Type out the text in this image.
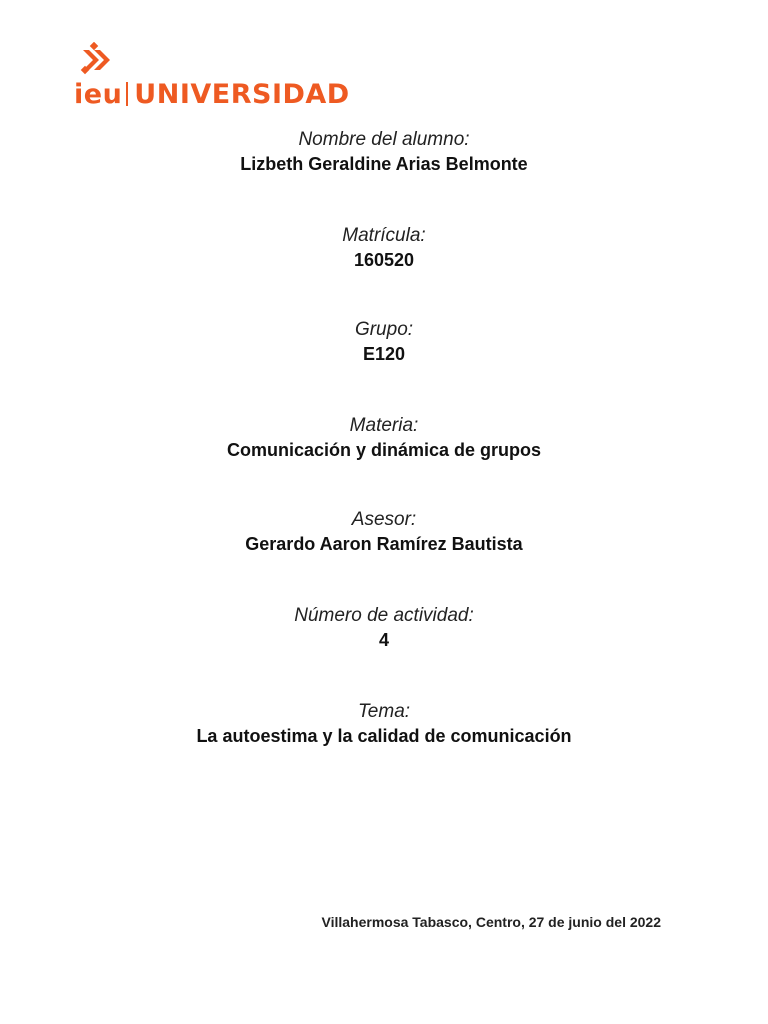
ieu UNIVERSIDAD
Nombre del alumno:
Lizbeth Geraldine Arias Belmonte
Matrícula:
160520
Grupo:
E120
Materia:
Comunicación y dinámica de grupos
Asesor:
Gerardo Aaron Ramírez Bautista
Número de actividad:
4
Tema:
La autoestima y la calidad de comunicación
Villahermosa Tabasco, Centro, 27 de junio del 2022
